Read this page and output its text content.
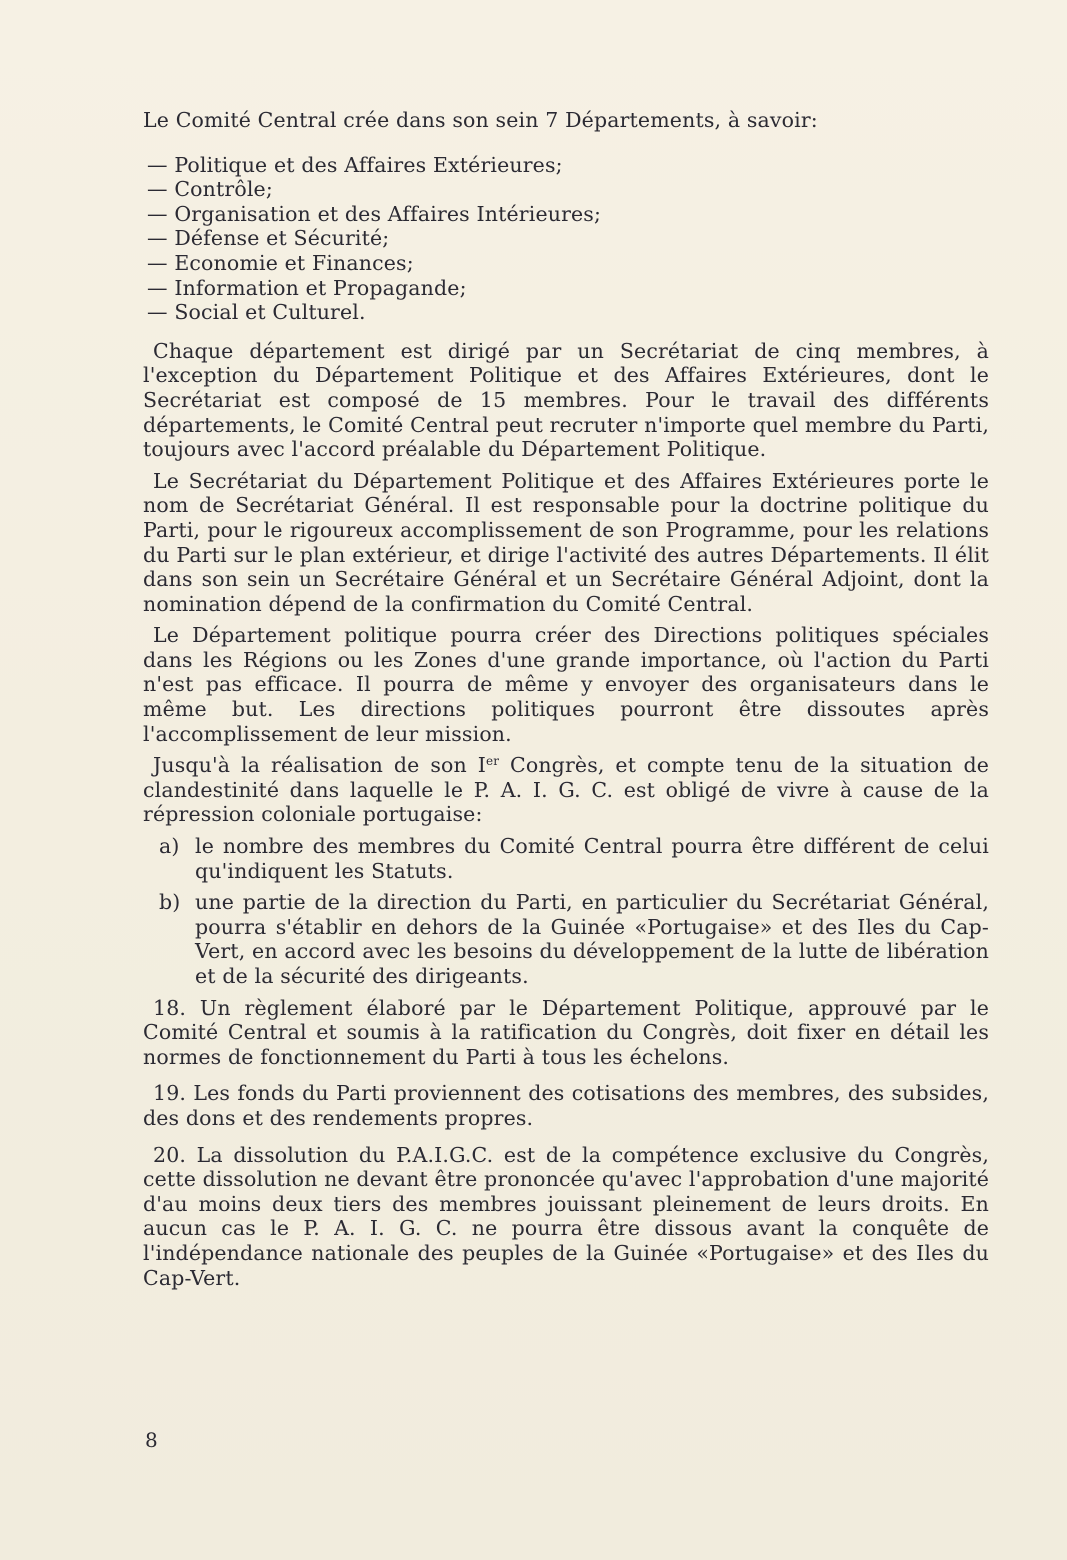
Le Comité Central crée dans son sein 7 Départements, à savoir:

— Politique et des Affaires Extérieures;
— Contrôle;
— Organisation et des Affaires Intérieures;
— Défense et Sécurité;
— Economie et Finances;
— Information et Propagande;
— Social et Culturel.

Chaque département est dirigé par un Secrétariat de cinq membres, à l'exception du Département Politique et des Affaires Extérieures, dont le Secrétariat est composé de 15 membres. Pour le travail des différents départements, le Comité Central peut recruter n'importe quel membre du Parti, toujours avec l'accord préalable du Département Politique.

Le Secrétariat du Département Politique et des Affaires Extérieures porte le nom de Secrétariat Général. Il est responsable pour la doctrine politique du Parti, pour le rigoureux accomplissement de son Programme, pour les relations du Parti sur le plan extérieur, et dirige l'activité des autres Départements. Il élit dans son sein un Secrétaire Général et un Secrétaire Général Adjoint, dont la nomination dépend de la confirmation du Comité Central.

Le Département politique pourra créer des Directions politiques spéciales dans les Régions ou les Zones d'une grande importance, où l'action du Parti n'est pas efficace. Il pourra de même y envoyer des organisateurs dans le même but. Les directions politiques pourront être dissoutes après l'accomplissement de leur mission.

Jusqu'à la réalisation de son Ier Congrès, et compte tenu de la situation de clandestinité dans laquelle le P. A. I. G. C. est obligé de vivre à cause de la répression coloniale portugaise:

a) le nombre des membres du Comité Central pourra être différent de celui qu'indiquent les Statuts.
b) une partie de la direction du Parti, en particulier du Secrétariat Général, pourra s'établir en dehors de la Guinée «Portugaise» et des Iles du Cap-Vert, en accord avec les besoins du développement de la lutte de libération et de la sécurité des dirigeants.

18. Un règlement élaboré par le Département Politique, approuvé par le Comité Central et soumis à la ratification du Congrès, doit fixer en détail les normes de fonctionnement du Parti à tous les échelons.

19. Les fonds du Parti proviennent des cotisations des membres, des subsides, des dons et des rendements propres.

20. La dissolution du P.A.I.G.C. est de la compétence exclusive du Congrès, cette dissolution ne devant être prononcée qu'avec l'approbation d'une majorité d'au moins deux tiers des membres jouissant pleinement de leurs droits. En aucun cas le P. A. I. G. C. ne pourra être dissous avant la conquête de l'indépendance nationale des peuples de la Guinée «Portugaise» et des Iles du Cap-Vert.

8
